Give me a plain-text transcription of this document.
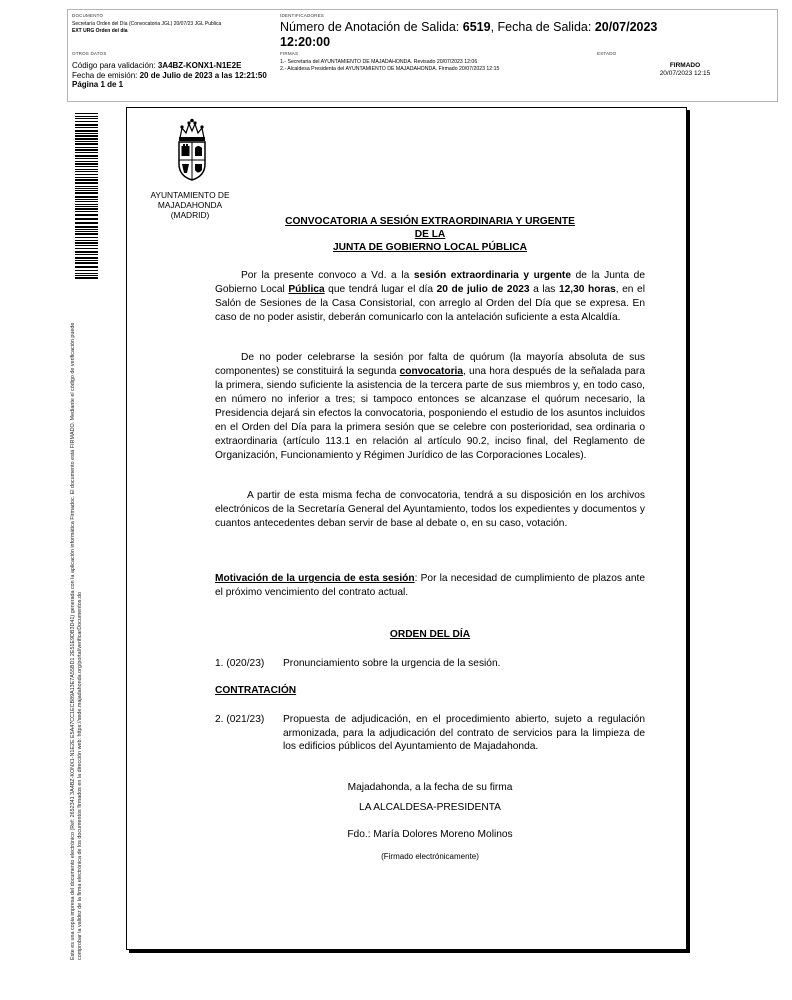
DOCUMENTO
Secretaría Orden del Día (Convocatoria JGL) 20/07/23 JGL Publica
EXT URG Orden del día
IDENTIFICADORES
Número de Anotación de Salida: 6519, Fecha de Salida: 20/07/2023
12:20:00
OTROS DATOS
Código para validación: 3A4BZ-KONX1-N1E2E
Fecha de emisión: 20 de Julio de 2023 a las 12:21:50
Página 1 de 1
FIRMAS
1.- Secretaria del AYUNTAMIENTO DE MAJADAHONDA. Revisado 20/07/2023 12:06
2.- Alcaldesa Presidenta del AYUNTAMIENTO DE MAJADAHONDA. Firmado 20/07/2023 12:15
ESTADO
FIRMADO
20/07/2023 12:15
Este es una copia impresa del documento electrónico (Ref: 2652341 3A4BZ-KONX1-N1E2E E5A47CC1ECB89A13E7A55BD1 2E51E9DB3D41) generada con la aplicación informática Firmadoc. El documento está FIRMADO. Mediante el código de verificación puede comprobar la validez de la firma electrónica de los documentos firmados en la dirección web: https://sede.majadahonda.org/portal/verificarDocumentos.do
AYUNTAMIENTO DE
MAJADAHONDA
(MADRID)
CONVOCATORIA A SESIÓN EXTRAORDINARIA Y URGENTE
DE LA
JUNTA DE GOBIERNO LOCAL PÚBLICA
Por la presente convoco a Vd. a la sesión extraordinaria y urgente de la Junta de Gobierno Local Pública que tendrá lugar el día 20 de julio de 2023 a las 12,30 horas, en el Salón de Sesiones de la Casa Consistorial, con arreglo al Orden del Día que se expresa. En caso de no poder asistir, deberán comunicarlo con la antelación suficiente a esta Alcaldía.
De no poder celebrarse la sesión por falta de quórum (la mayoría absoluta de sus componentes) se constituirá la segunda convocatoria, una hora después de la señalada para la primera, siendo suficiente la asistencia de la tercera parte de sus miembros y, en todo caso, en número no inferior a tres; si tampoco entonces se alcanzase el quórum necesario, la Presidencia dejará sin efectos la convocatoria, posponiendo el estudio de los asuntos incluidos en el Orden del Día para la primera sesión que se celebre con posterioridad, sea ordinaria o extraordinaria (artículo 113.1 en relación al artículo 90.2, inciso final, del Reglamento de Organización, Funcionamiento y Régimen Jurídico de las Corporaciones Locales).
A partir de esta misma fecha de convocatoria, tendrá a su disposición en los archivos electrónicos de la Secretaría General del Ayuntamiento, todos los expedientes y documentos y cuantos antecedentes deban servir de base al debate o, en su caso, votación.
Motivación de la urgencia de esta sesión: Por la necesidad de cumplimiento de plazos ante el próximo vencimiento del contrato actual.
ORDEN DEL DÍA
1. (020/23) Pronunciamiento sobre la urgencia de la sesión.
CONTRATACIÓN
2. (021/23) Propuesta de adjudicación, en el procedimiento abierto, sujeto a regulación armonizada, para la adjudicación del contrato de servicios para la limpieza de los edificios públicos del Ayuntamiento de Majadahonda.
Majadahonda, a la fecha de su firma
LA ALCALDESA-PRESIDENTA
Fdo.: María Dolores Moreno Molinos
(Firmado electrónicamente)
